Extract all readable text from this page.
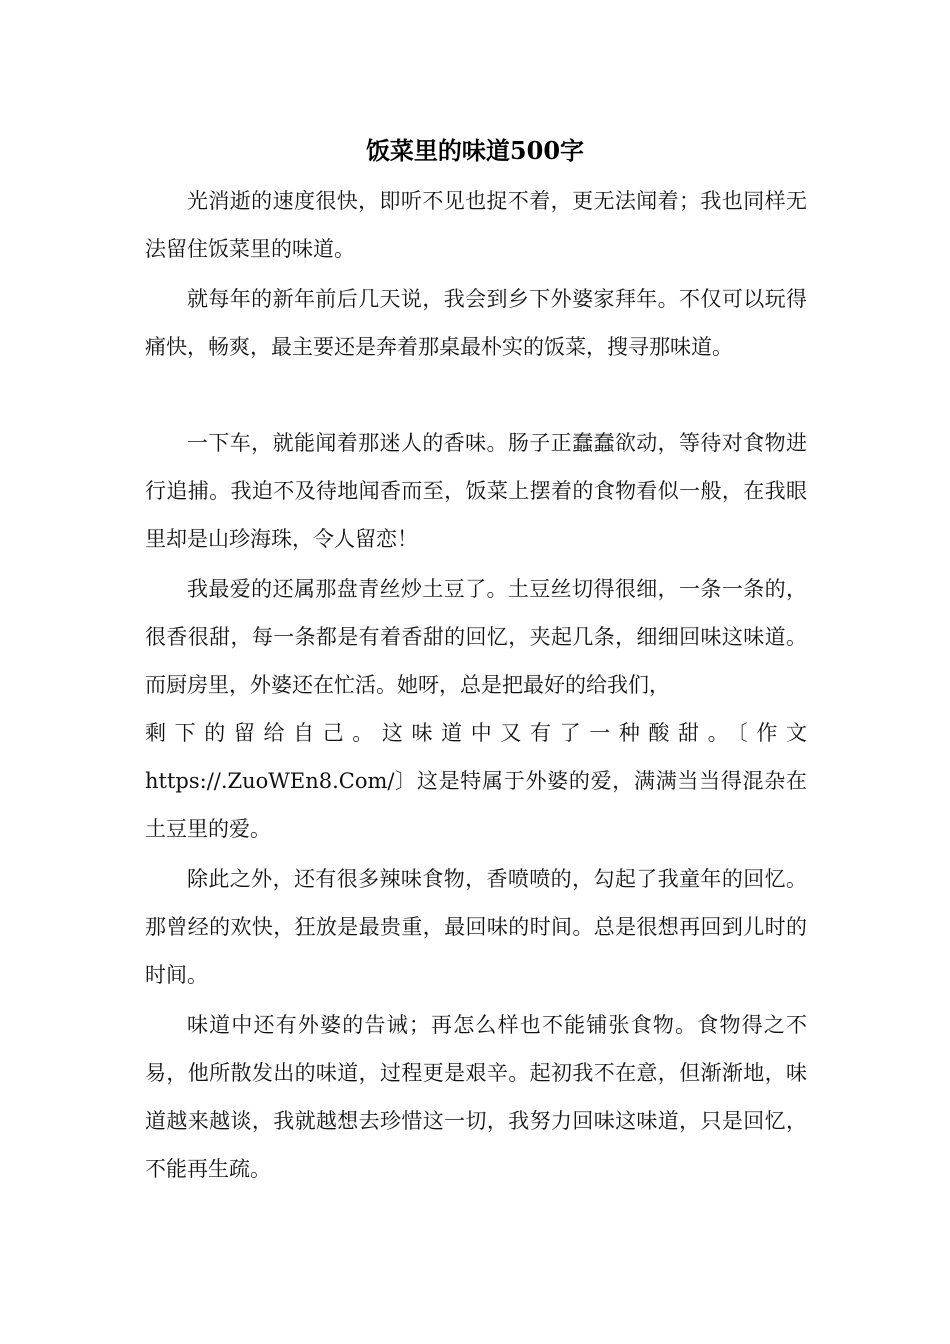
饭菜里的味道500字

光消逝的速度很快，即听不见也捉不着，更无法闻着；我也同样无法留住饭菜里的味道。

就每年的新年前后几天说，我会到乡下外婆家拜年。不仅可以玩得痛快，畅爽，最主要还是奔着那桌最朴实的饭菜，搜寻那味道。

一下车，就能闻着那迷人的香味。肠子正蠢蠢欲动，等待对食物进行追捕。我迫不及待地闻香而至，饭菜上摆着的食物看似一般，在我眼里却是山珍海珠，令人留恋！

我最爱的还属那盘青丝炒土豆了。土豆丝切得很细，一条一条的，很香很甜，每一条都是有着香甜的回忆，夹起几条，细细回味这味道。而厨房里，外婆还在忙活。她呀，总是把最好的给我们，

剩下的留给自己。这味道中又有了一种酸甜。〔作文

https://.ZuoWEn8.Com/〕这是特属于外婆的爱，满满当当得混杂在土豆里的爱。

除此之外，还有很多辣味食物，香喷喷的，勾起了我童年的回忆。那曾经的欢快，狂放是最贵重，最回味的时间。总是很想再回到儿时的时间。

味道中还有外婆的告诫；再怎么样也不能铺张食物。食物得之不易，他所散发出的味道，过程更是艰辛。起初我不在意，但渐渐地，味道越来越谈，我就越想去珍惜这一切，我努力回味这味道，只是回忆，不能再生疏。
